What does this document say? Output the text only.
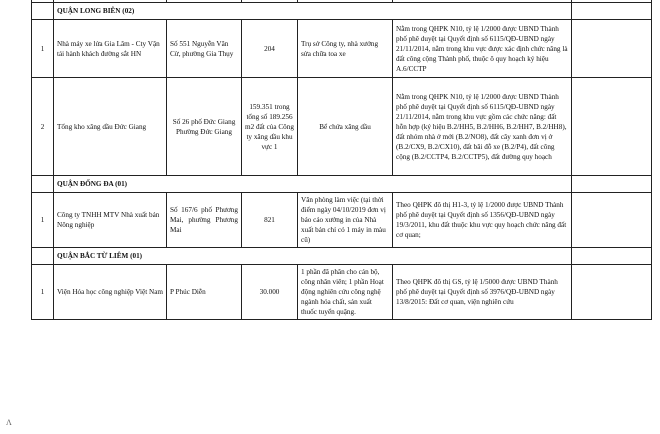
	QUẬN LONG BIÊN (02)					
1	Nhà máy xe lửa Gia Lâm - Cty Vận tải hành khách đường sắt HN	Số 551 Nguyễn Văn Cừ, phường Gia Thụy	204	Trụ sở Công ty, nhà xưởng sửa chữa toa xe	Nằm trong QHPK N10, tỷ lệ 1/2000 được UBND Thành phố phê duyệt tại Quyết định số 6115/QĐ-UBND ngày 21/11/2014, nằm trong khu vực được xác định chức năng là đất công cộng Thành phố, thuộc ô quy hoạch ký hiệu A.6/CCTP	
2	Tổng kho xăng dầu Đức Giang	Số 26 phố Đức Giang Phường Đức Giang	159.351 trong tổng số 189.256 m2 đất của Công ty xăng dầu khu vực 1	Bể chứa xăng dầu	Nằm trong QHPK N10, tỷ lệ 1/2000 được UBND Thành phố phê duyệt tại Quyết định số 6115/QĐ-UBND ngày 21/11/2014, nằm trong khu vực gồm các chức năng: đất hỗn hợp (ký hiệu B.2/HH5, B.2/HH6, B.2/HH7, B.2/HH8), đất nhóm nhà ở mới (B.2/NO8), đất cây xanh đơn vị ở (B.2/CX9, B.2/CX10), đất bãi đỗ xe (B.2/P4), đất công cộng (B.2/CCTP4, B.2/CCTP5), đất đường quy hoạch	
	QUẬN ĐỐNG ĐA (01)					
1	Công ty TNHH MTV Nhà xuất bản Nông nghiệp	Số 167/6 phố Phương Mai, phường Phương Mai	821	Văn phòng làm việc (tại thời điểm ngày 04/10/2019 đơn vị báo cáo xưởng in của Nhà xuất bản chỉ có 1 máy in màu cũ)	Theo QHPK đô thị H1-3, tỷ lệ 1/2000 được UBND Thành phố phê duyệt tại Quyết định số 1356/QĐ-UBND ngày 19/3/2011, khu đất thuộc khu vực quy hoạch chức năng đất cơ quan;	
	QUẬN BẮC TỪ LIÊM (01)					
1	Viện Hóa học công nghiệp Việt Nam	P Phúc Diễn	30.000	1 phần đã phân cho cán bộ, công nhân viên; 1 phần Hoạt động nghiên cứu công nghệ ngành hóa chất, sản xuất thuốc tuyển quặng.	Theo QHPK đô thị GS, tỷ lệ 1/5000 được UBND Thành phố phê duyệt tại Quyết định số 3976/QĐ-UBND ngày 13/8/2015: Đất cơ quan, viện nghiên cứu	
Λ
